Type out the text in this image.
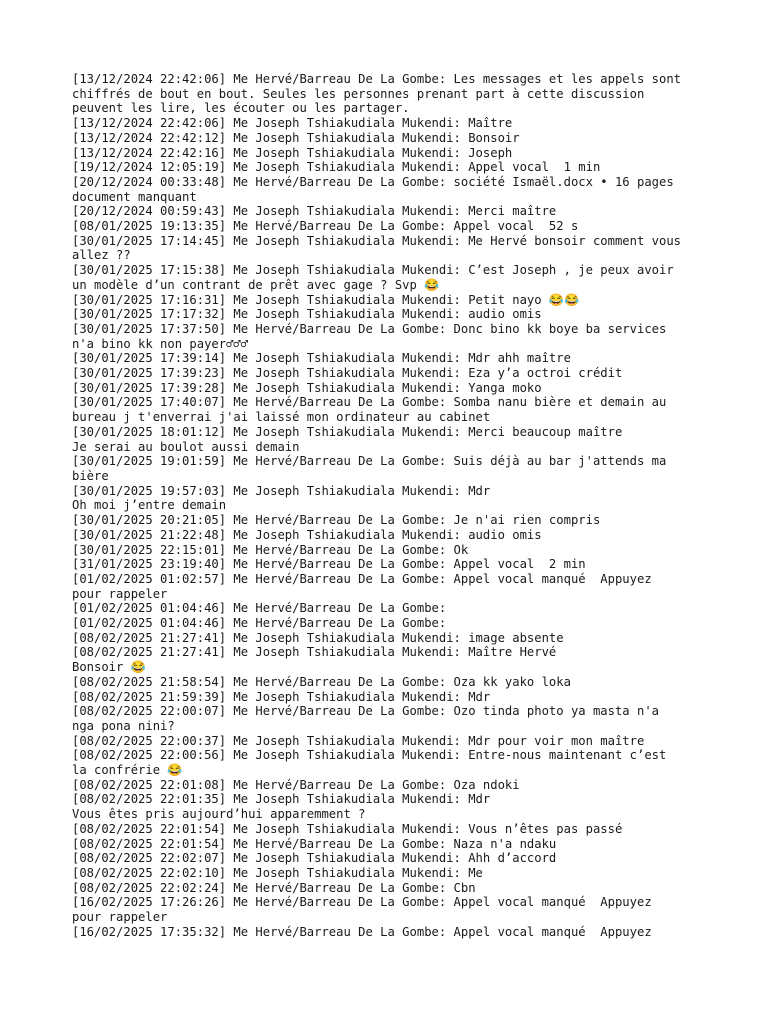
[13/12/2024 22:42:06] Me Hervé/Barreau De La Gombe: Les messages et les appels sont
chiffrés de bout en bout. Seules les personnes prenant part à cette discussion
peuvent les lire, les écouter ou les partager.
[13/12/2024 22:42:06] Me Joseph Tshiakudiala Mukendi: Maître
[13/12/2024 22:42:12] Me Joseph Tshiakudiala Mukendi: Bonsoir
[13/12/2024 22:42:16] Me Joseph Tshiakudiala Mukendi: Joseph
[19/12/2024 12:05:19] Me Joseph Tshiakudiala Mukendi: Appel vocal  1 min
[20/12/2024 00:33:48] Me Hervé/Barreau De La Gombe: société Ismaël.docx • 16 pages
document manquant
[20/12/2024 00:59:43] Me Joseph Tshiakudiala Mukendi: Merci maître
[08/01/2025 19:13:35] Me Hervé/Barreau De La Gombe: Appel vocal  52 s
[30/01/2025 17:14:45] Me Joseph Tshiakudiala Mukendi: Me Hervé bonsoir comment vous
allez ??
[30/01/2025 17:15:38] Me Joseph Tshiakudiala Mukendi: C’est Joseph , je peux avoir
un modèle d’un contrant de prêt avec gage ? Svp 😂
[30/01/2025 17:16:31] Me Joseph Tshiakudiala Mukendi: Petit nayo 😂😂
[30/01/2025 17:17:32] Me Joseph Tshiakudiala Mukendi: audio omis
[30/01/2025 17:37:50] Me Hervé/Barreau De La Gombe: Donc bino kk boye ba services
n'a bino kk non payer♂♂♂
[30/01/2025 17:39:14] Me Joseph Tshiakudiala Mukendi: Mdr ahh maître
[30/01/2025 17:39:23] Me Joseph Tshiakudiala Mukendi: Eza y’a octroi crédit
[30/01/2025 17:39:28] Me Joseph Tshiakudiala Mukendi: Yanga moko
[30/01/2025 17:40:07] Me Hervé/Barreau De La Gombe: Somba nanu bière et demain au
bureau j t'enverrai j'ai laissé mon ordinateur au cabinet
[30/01/2025 18:01:12] Me Joseph Tshiakudiala Mukendi: Merci beaucoup maître
Je serai au boulot aussi demain
[30/01/2025 19:01:59] Me Hervé/Barreau De La Gombe: Suis déjà au bar j'attends ma
bière
[30/01/2025 19:57:03] Me Joseph Tshiakudiala Mukendi: Mdr
Oh moi j’entre demain
[30/01/2025 20:21:05] Me Hervé/Barreau De La Gombe: Je n'ai rien compris
[30/01/2025 21:22:48] Me Joseph Tshiakudiala Mukendi: audio omis
[30/01/2025 22:15:01] Me Hervé/Barreau De La Gombe: Ok
[31/01/2025 23:19:40] Me Hervé/Barreau De La Gombe: Appel vocal  2 min
[01/02/2025 01:02:57] Me Hervé/Barreau De La Gombe: Appel vocal manqué  Appuyez
pour rappeler
[01/02/2025 01:04:46] Me Hervé/Barreau De La Gombe:
[01/02/2025 01:04:46] Me Hervé/Barreau De La Gombe:
[08/02/2025 21:27:41] Me Joseph Tshiakudiala Mukendi: image absente
[08/02/2025 21:27:41] Me Joseph Tshiakudiala Mukendi: Maître Hervé
Bonsoir 😂
[08/02/2025 21:58:54] Me Hervé/Barreau De La Gombe: Oza kk yako loka
[08/02/2025 21:59:39] Me Joseph Tshiakudiala Mukendi: Mdr
[08/02/2025 22:00:07] Me Hervé/Barreau De La Gombe: Ozo tinda photo ya masta n'a
nga pona nini?
[08/02/2025 22:00:37] Me Joseph Tshiakudiala Mukendi: Mdr pour voir mon maître
[08/02/2025 22:00:56] Me Joseph Tshiakudiala Mukendi: Entre-nous maintenant c’est
la confrérie 😂
[08/02/2025 22:01:08] Me Hervé/Barreau De La Gombe: Oza ndoki
[08/02/2025 22:01:35] Me Joseph Tshiakudiala Mukendi: Mdr
Vous êtes pris aujourd’hui apparemment ?
[08/02/2025 22:01:54] Me Joseph Tshiakudiala Mukendi: Vous n’êtes pas passé
[08/02/2025 22:01:54] Me Hervé/Barreau De La Gombe: Naza n'a ndaku
[08/02/2025 22:02:07] Me Joseph Tshiakudiala Mukendi: Ahh d’accord
[08/02/2025 22:02:10] Me Joseph Tshiakudiala Mukendi: Me
[08/02/2025 22:02:24] Me Hervé/Barreau De La Gombe: Cbn
[16/02/2025 17:26:26] Me Hervé/Barreau De La Gombe: Appel vocal manqué  Appuyez
pour rappeler
[16/02/2025 17:35:32] Me Hervé/Barreau De La Gombe: Appel vocal manqué  Appuyez
